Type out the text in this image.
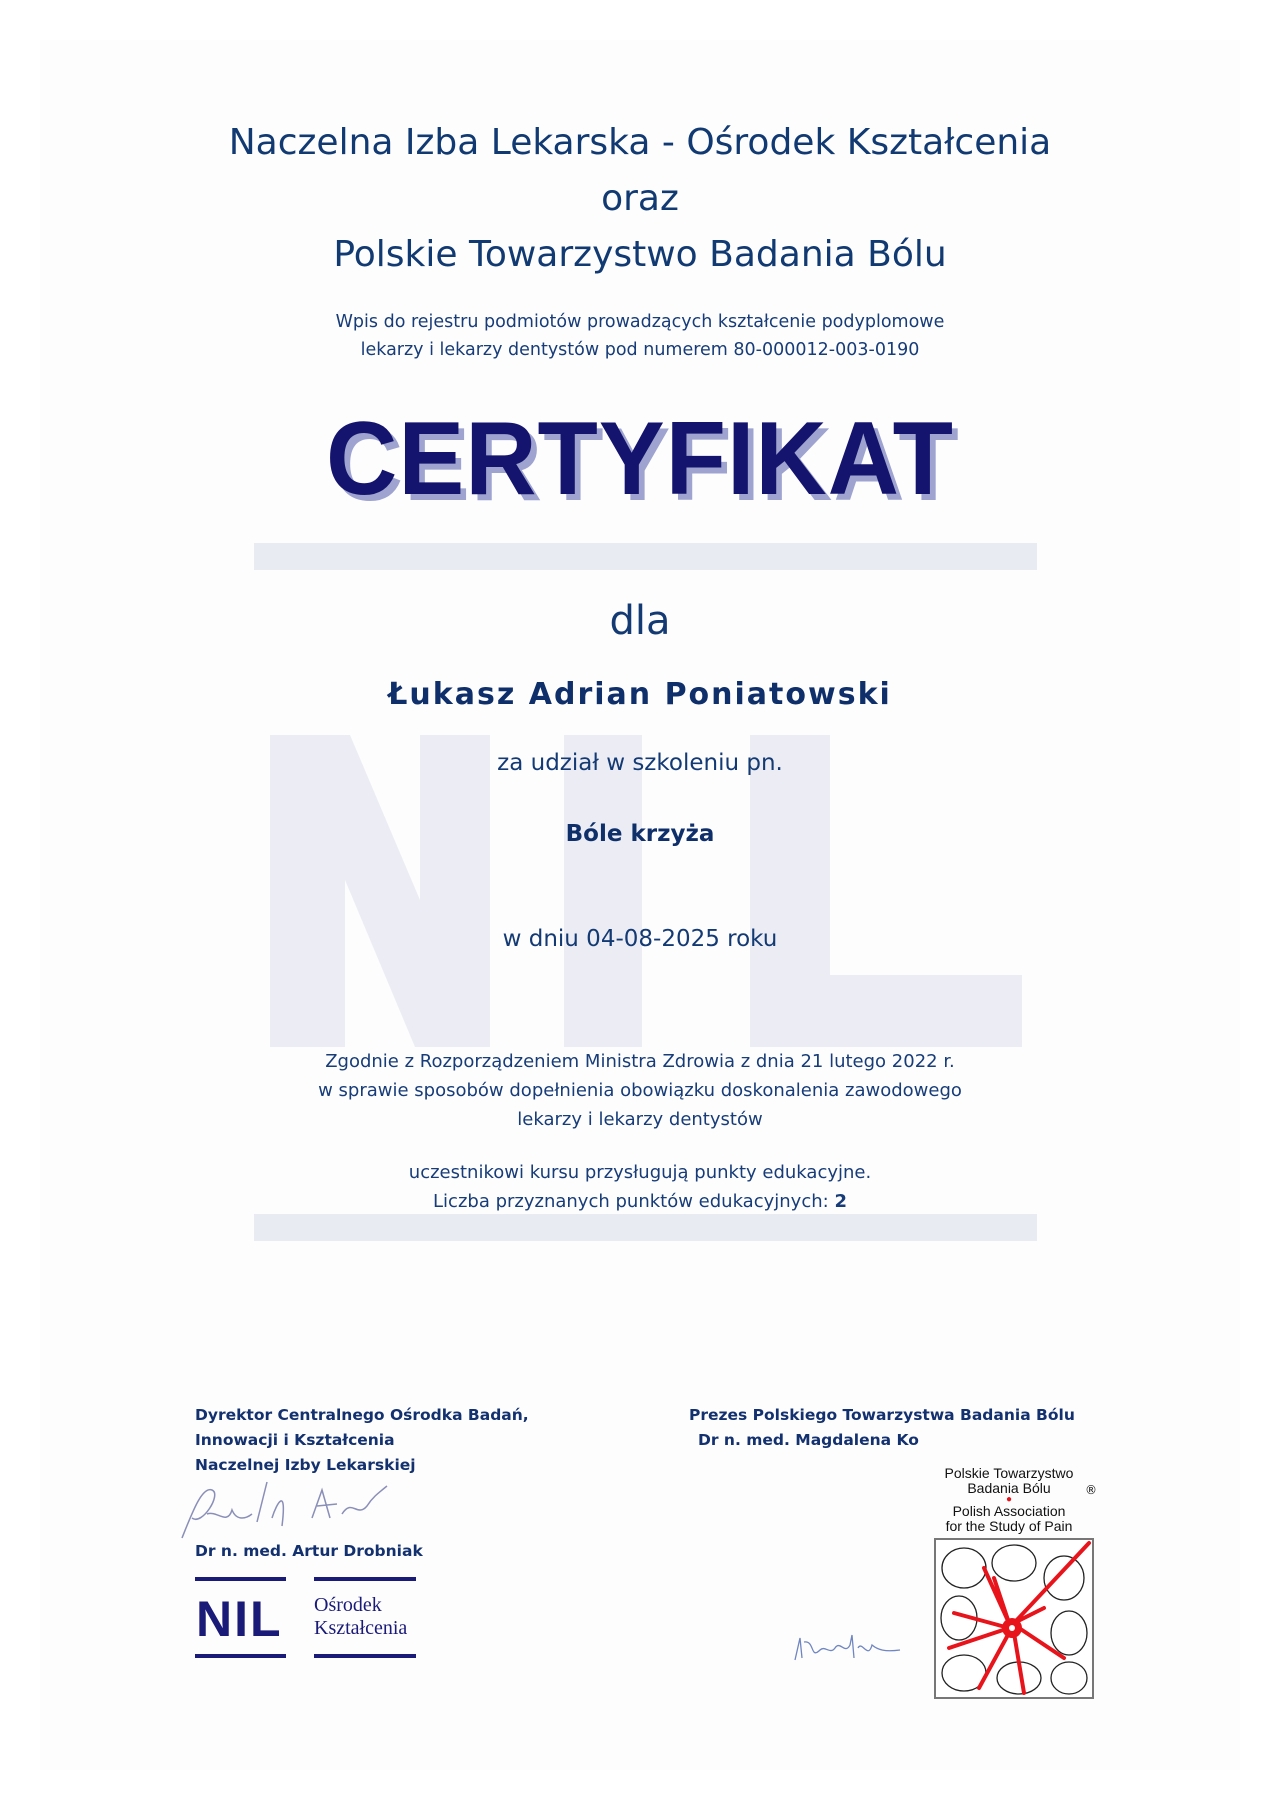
Naczelna Izba Lekarska - Ośrodek Kształcenia
oraz
Polskie Towarzystwo Badania Bólu
Wpis do rejestru podmiotów prowadzących kształcenie podyplomowe
lekarzy i lekarzy dentystów pod numerem 80-000012-003-0190
CERTYFIKAT
dla
Łukasz Adrian Poniatowski
za udział w szkoleniu pn.
Bóle krzyża
w dniu 04-08-2025 roku
Zgodnie z Rozporządzeniem Ministra Zdrowia z dnia 21 lutego 2022 r.
w sprawie sposobów dopełnienia obowiązku doskonalenia zawodowego
lekarzy i lekarzy dentystów
uczestnikowi kursu przysługują punkty edukacyjne.
Liczba przyznanych punktów edukacyjnych: 2
Dyrektor Centralnego Ośrodka Badań,
Innowacji i Kształcenia
Naczelnej Izby Lekarskiej
Dr n. med. Artur Drobniak
NIL Ośrodek
Kształcenia
Prezes Polskiego Towarzystwa Badania Bólu
Dr n. med. Magdalena Ko
Polskie Towarzystwo
Badania Bólu
●
Polish Association
for the Study of Pain
®
